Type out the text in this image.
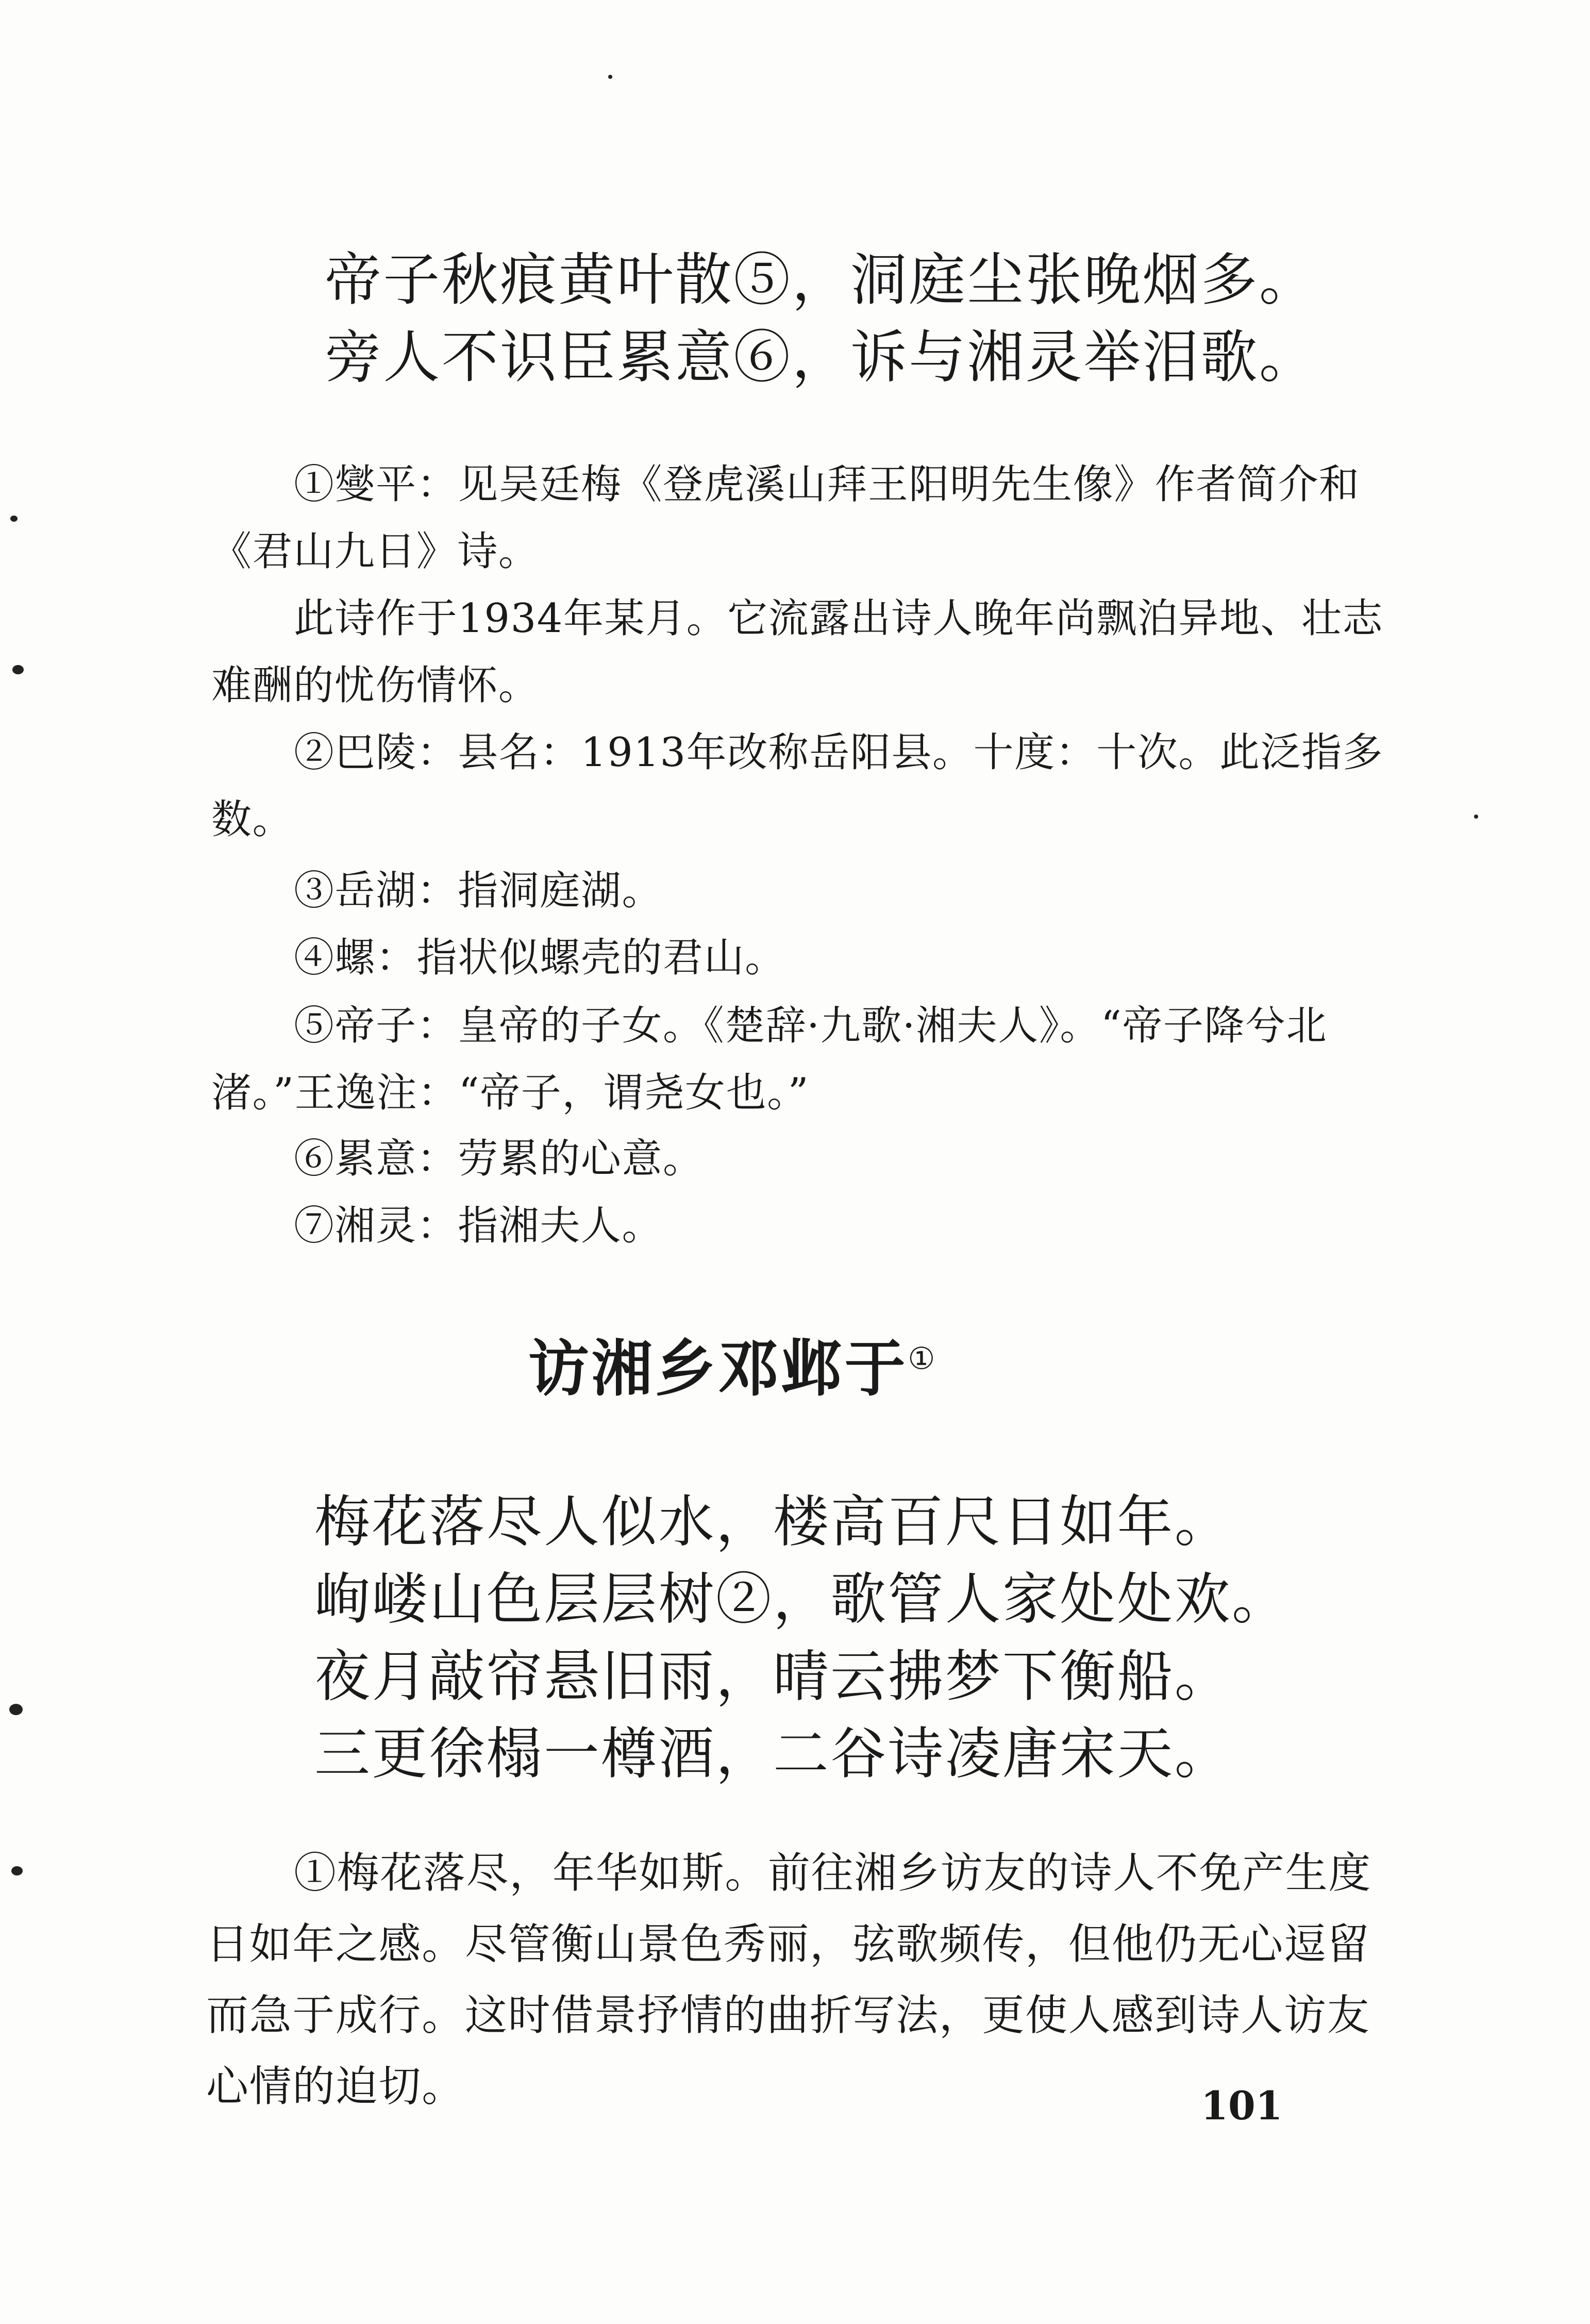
帝子秋痕黄叶散⑤，洞庭尘张晚烟多。
旁人不识臣累意⑥，诉与湘灵举泪歌。
①燮平：见吴廷梅《登虎溪山拜王阳明先生像》作者简介和《君山九日》诗。
此诗作于1934年某月。它流露出诗人晚年尚飘泊异地、壮志难酬的忧伤情怀。
②巴陵：县名：1913年改称岳阳县。十度：十次。此泛指多数。
③岳湖：指洞庭湖。
④螺：指状似螺壳的君山。
⑤帝子：皇帝的子女。《楚辞·九歌·湘夫人》。“帝子降兮北渚。”王逸注：“帝子，谓尧女也。”
⑥累意：劳累的心意。
⑦湘灵：指湘夫人。
访湘乡邓邺于①
梅花落尽人似水，楼高百尺日如年。
峋嵝山色层层树②，歌管人家处处欢。
夜月敲帘悬旧雨，晴云拂梦下衡船。
三更徐榻一樽酒，二谷诗凌唐宋天。
①梅花落尽，年华如斯。前往湘乡访友的诗人不免产生度日如年之感。尽管衡山景色秀丽，弦歌频传，但他仍无心逗留而急于成行。这时借景抒情的曲折写法，更使人感到诗人访友心情的迫切。	101
